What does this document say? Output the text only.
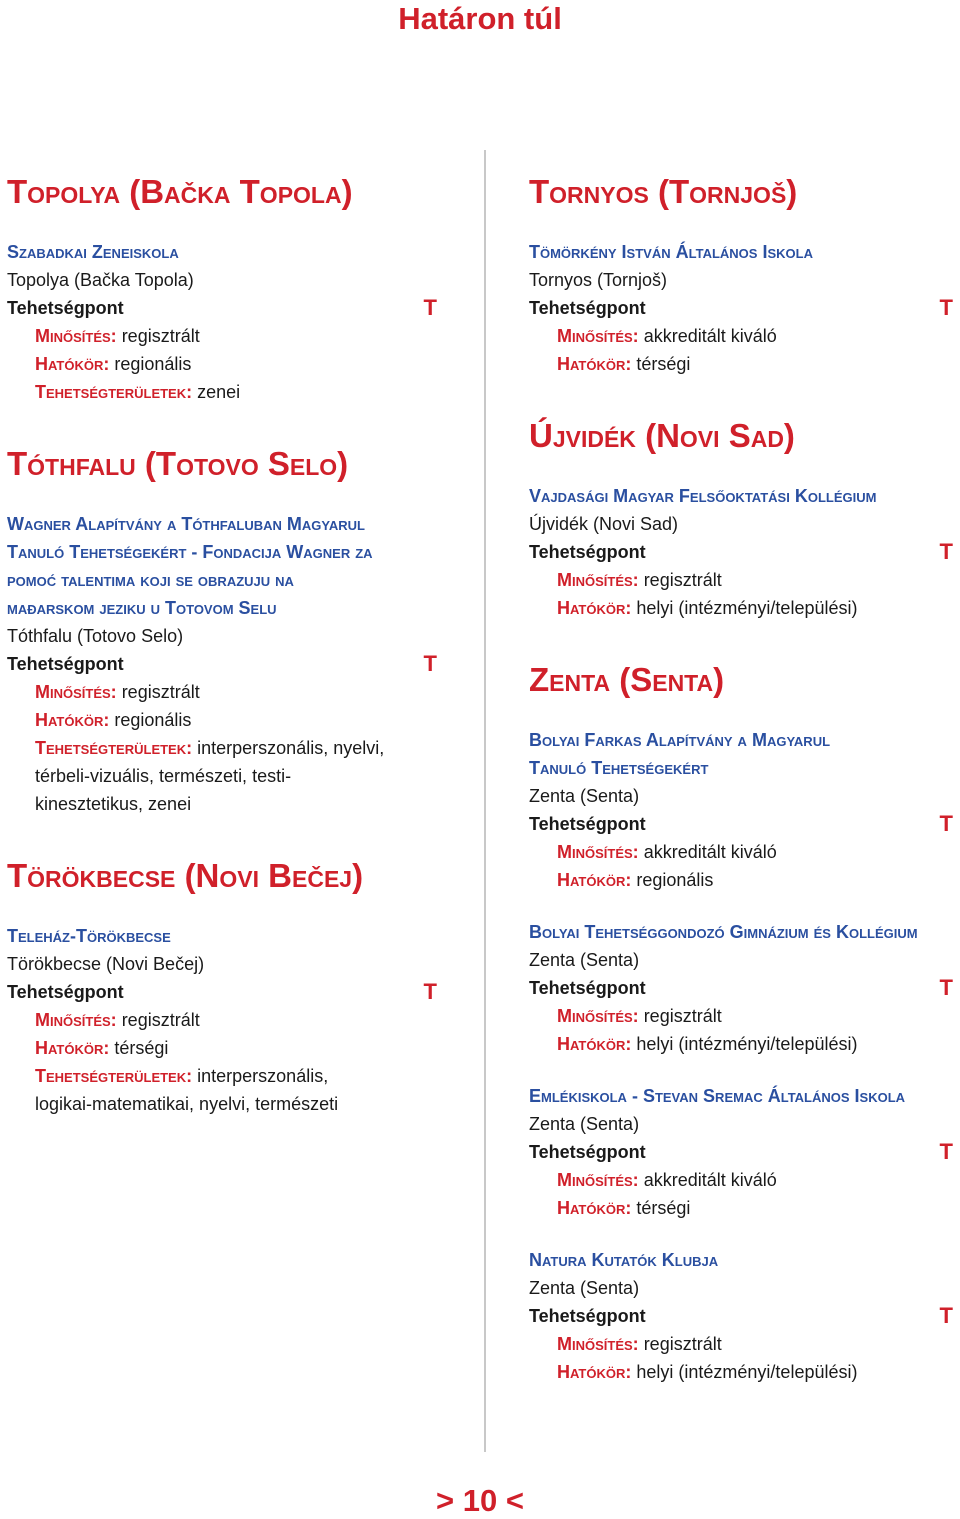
Határon túl
Topolya (Bačka Topola)
Szabadkai Zeneiskola
Topolya (Bačka Topola)
Tehetségpont	T
Minősítés: regisztrált
Hatókör: regionális
Tehetségterületek: zenei
Tóthfalu (Totovo Selo)
Wagner Alapítvány a Tóthfaluban Magyarul Tanuló Tehetségekért - Fondacija Wagner za pomoć talentima koji se obrazuju na mađarskom jeziku u Totovom Selu
Tóthfalu (Totovo Selo)
Tehetségpont	T
Minősítés: regisztrált
Hatókör: regionális
Tehetségterületek: interperszonális, nyelvi, térbeli-vizuális, természeti, testi-kinesztetikus, zenei
Törökbecse (Novi Bečej)
Teleház-Törökbecse
Törökbecse (Novi Bečej)
Tehetségpont	T
Minősítés: regisztrált
Hatókör: térségi
Tehetségterületek: interperszonális, logikai-matematikai, nyelvi, természeti
Tornyos (Tornjoš)
Tömörkény István Általános Iskola
Tornyos (Tornjoš)
Tehetségpont	T
Minősítés: akkreditált kiváló
Hatókör: térségi
Újvidék (Novi Sad)
Vajdasági Magyar Felsőoktatási Kollégium
Újvidék (Novi Sad)
Tehetségpont	T
Minősítés: regisztrált
Hatókör: helyi (intézményi/települési)
Zenta (Senta)
Bolyai Farkas Alapítvány a Magyarul Tanuló Tehetségekért
Zenta (Senta)
Tehetségpont	T
Minősítés: akkreditált kiváló
Hatókör: regionális
Bolyai Tehetséggondozó Gimnázium és Kollégium
Zenta (Senta)
Tehetségpont	T
Minősítés: regisztrált
Hatókör: helyi (intézményi/települési)
Emlékiskola - Stevan Sremac Általános Iskola
Zenta (Senta)
Tehetségpont	T
Minősítés: akkreditált kiváló
Hatókör: térségi
Natura Kutatók Klubja
Zenta (Senta)
Tehetségpont	T
Minősítés: regisztrált
Hatókör: helyi (intézményi/települési)
> 10 <
